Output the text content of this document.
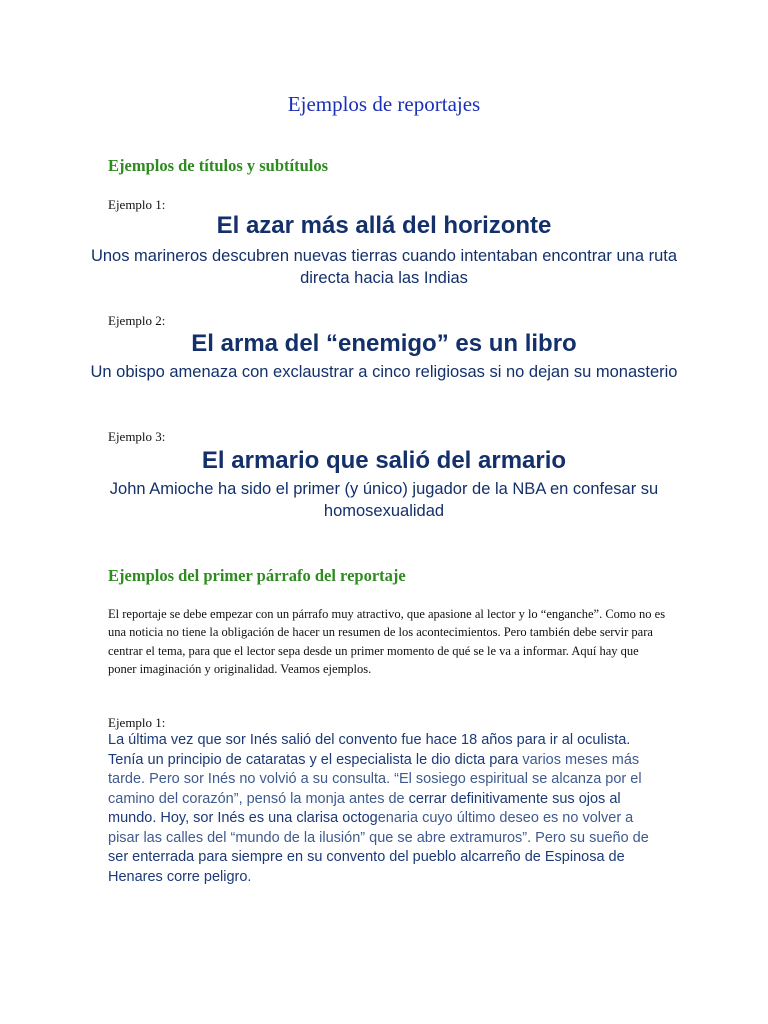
Ejemplos de reportajes
Ejemplos de títulos y subtítulos
Ejemplo 1:
El azar más allá del horizonte
Unos marineros descubren nuevas tierras cuando intentaban encontrar una ruta directa hacia las Indias
Ejemplo 2:
El arma del “enemigo” es un libro
Un obispo amenaza con exclaustrar a cinco religiosas si no dejan su monasterio
Ejemplo 3:
El armario que salió del armario
John Amioche ha sido el primer (y único) jugador de la NBA en confesar su homosexualidad
Ejemplos del primer párrafo del reportaje
El reportaje se debe empezar con un párrafo muy atractivo, que apasione al lector y lo “enganche”. Como no es una noticia no tiene la obligación de hacer un resumen de los acontecimientos. Pero también debe servir para centrar el tema, para que el lector sepa desde un primer momento de qué se le va a informar. Aquí hay que poner imaginación y originalidad. Veamos ejemplos.
Ejemplo 1:
La última vez que sor Inés salió del convento fue hace 18 años para ir al oculista. Tenía un principio de cataratas y el especialista le dio dicta para varios meses más tarde. Pero sor Inés no volvió a su consulta. “El sosiego espiritual se alcanza por el camino del corazón”, pensó la monja antes de cerrar definitivamente sus ojos al mundo. Hoy, sor Inés es una clarisa octogenaria cuyo último deseo es no volver a pisar las calles del “mundo de la ilusión” que se abre extramuros”. Pero su sueño de ser enterrada para siempre en su convento del pueblo alcarreño de Espinosa de Henares corre peligro.
